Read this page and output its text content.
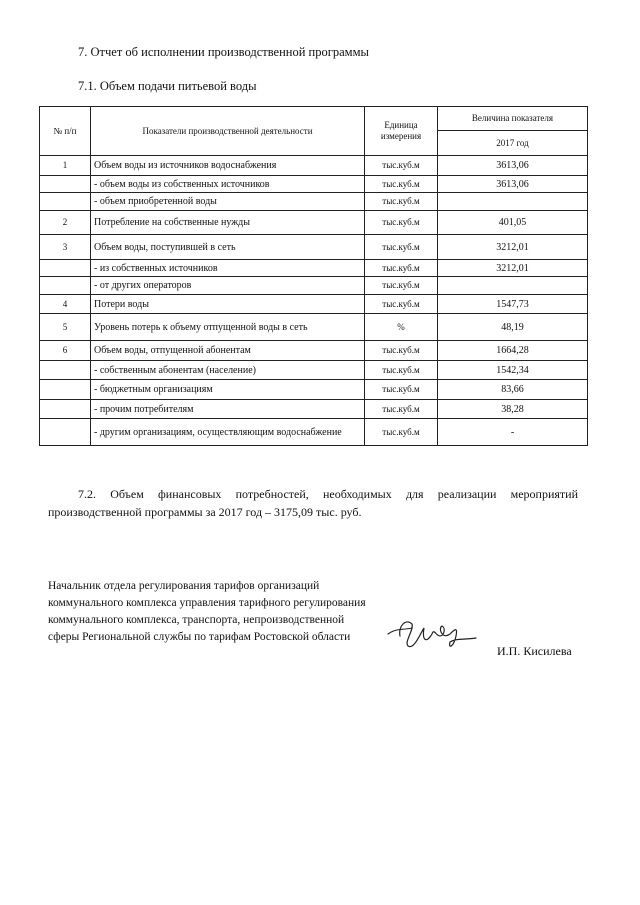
7. Отчет об исполнении производственной программы
7.1. Объем подачи питьевой воды
№ п/п	Показатели производственной деятельности	Единица измерения	Величина показателя
			2017 год
1	Объем воды из источников водоснабжения	тыс.куб.м	3613,06
	- объем воды из собственных источников	тыс.куб.м	3613,06
	- объем приобретенной воды	тыс.куб.м	
2	Потребление на собственные нужды	тыс.куб.м	401,05
3	Объем воды, поступившей в сеть	тыс.куб.м	3212,01
	- из собственных источников	тыс.куб.м	3212,01
	- от других операторов	тыс.куб.м	
4	Потери воды	тыс.куб.м	1547,73
5	Уровень потерь к объему отпущенной воды в сеть	%	48,19
6	Объем воды, отпущенной абонентам	тыс.куб.м	1664,28
	- собственным абонентам (население)	тыс.куб.м	1542,34
	- бюджетным организациям	тыс.куб.м	83,66
	- прочим потребителям	тыс.куб.м	38,28
	- другим организациям, осуществляющим водоснабжение	тыс.куб.м	-
7.2. Объем финансовых потребностей, необходимых для реализации мероприятий производственной программы за 2017 год – 3175,09 тыс. руб.
Начальник отдела регулирования тарифов организаций коммунального комплекса управления тарифного регулирования коммунального комплекса, транспорта, непроизводственной сферы Региональной службы по тарифам Ростовской области
И.П. Кисилева
